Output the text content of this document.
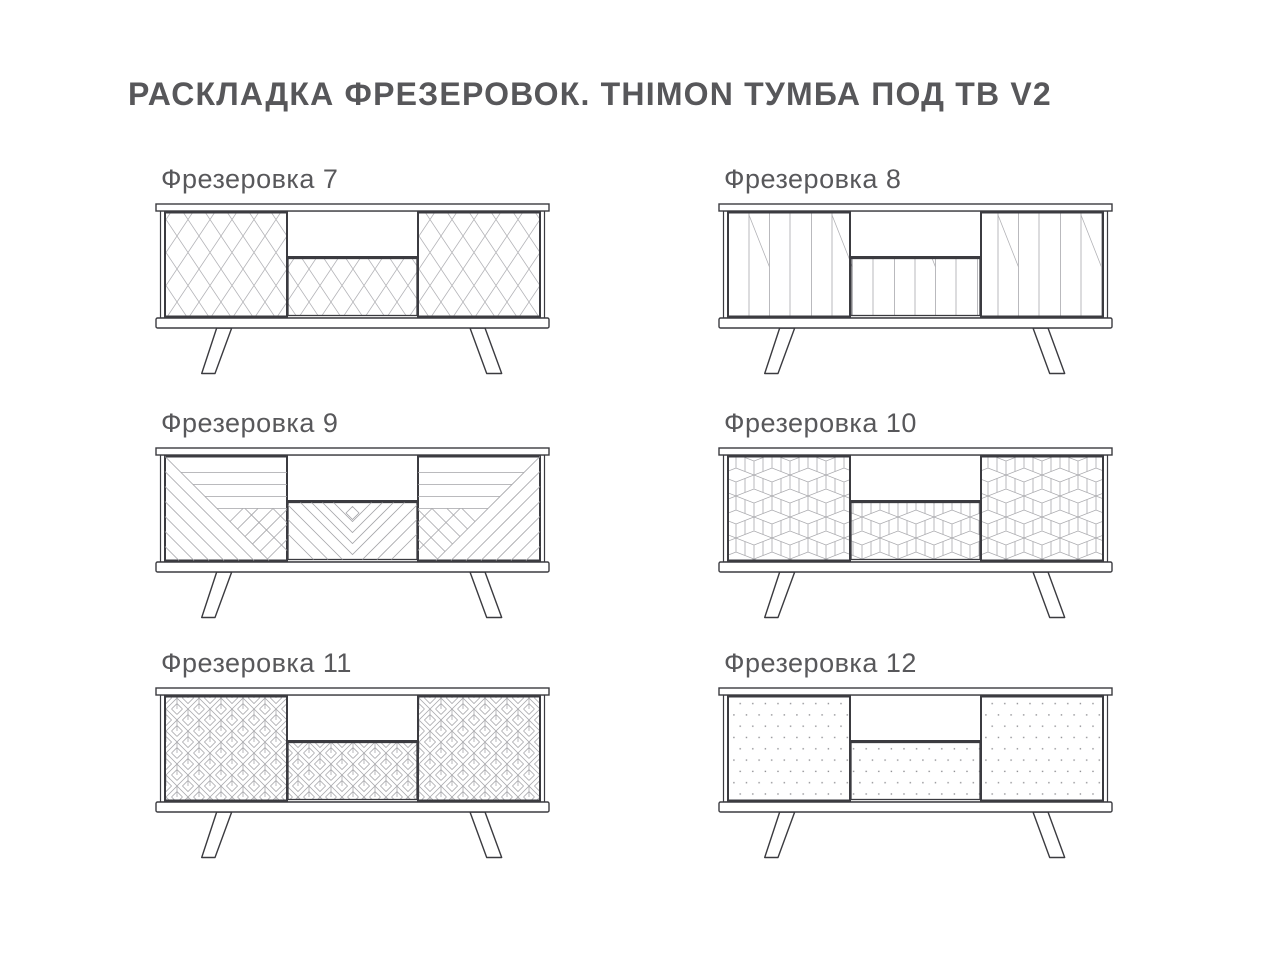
РАСКЛАДКА ФРЕЗЕРОВОК. THIMON ТУМБА ПОД ТВ V2
Фрезеровка 7	Фрезеровка 8
Фрезеровка 9	Фрезеровка 10
Фрезеровка 11	Фрезеровка 12
